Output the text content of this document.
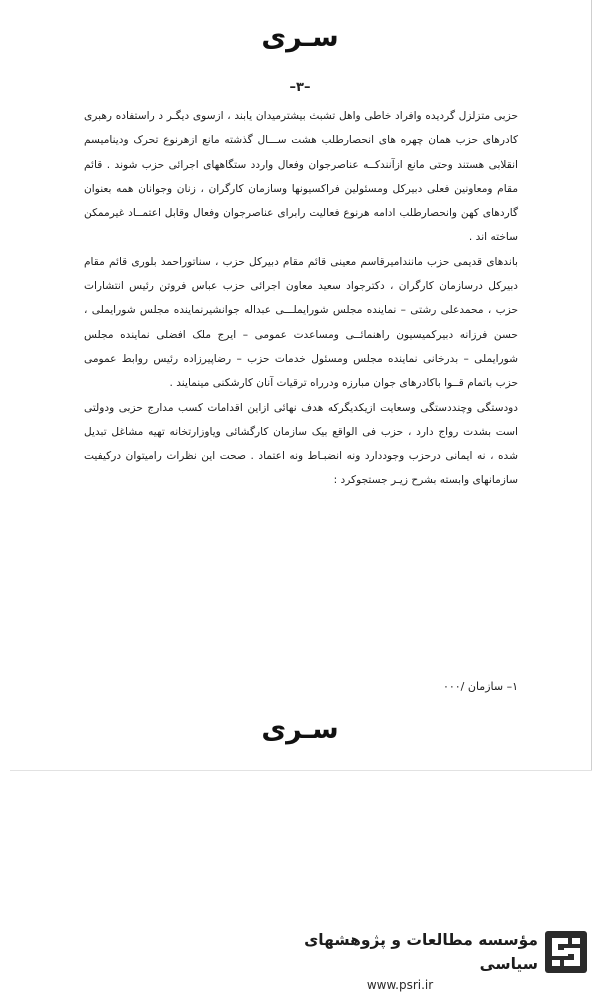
سـری
–۳–

حزبی متزلزل گردیده وافراد خاطی واهل تشبث بیشترمیدان یابند ، ازسوی دیگـر د راستفاده رهبری کادرهای حزب همان چهره های انحصارطلب هشت ســـال گذشته مانع ازهرنوع تحرک ودینامیسم انقلابی هستند وحتی مانع ازآنندکــه عناصرجوان وفعال واردد ستگاههای اجرائی حزب شوند . قائم مقام ومعاونین فعلی دبیرکل ومسئولین فراکسیونها وسازمان کارگران ، زنان وجوانان همه بعنوان گاردهای کهن وانحصارطلب ادامه هرنوع فعالیت رابرای عناصرجوان وفعال وقابل اعتمــاد غیرممکن ساخته اند .

باندهای قدیمی حزب مانندامیرقاسم معینی قائم مقام دبیرکل حزب ، سناتوراحمد بلوری قائم مقام دبیرکل درسازمان کارگران ، دکترجواد سعید معاون اجرائی حزب عباس فروتن رئیس انتشارات حزب ، محمدعلی رشتی – نماینده مجلس شورایملـــی عبداله جوانشیرنماینده مجلس شورایملی ، حسن فرزانه دبیرکمیسیون راهنمائــی ومساعدت عمومی – ایرج ملک افضلی نماینده مجلس شورایملی – بدرخانی نماینده مجلس ومسئول خدمات حزب – رضاپیرزاده رئیس روابط عمومی حزب باتمام قــوا باکادرهای جوان مبارزه ودرراه ترقیات آنان کارشکنی مینمایند .

دودستگی وچنددستگی وسعایت ازیکدیگرکه هدف نهائی ازاین اقدامات کسب مدارج حزبی ودولتی است بشدت رواج دارد ، حزب فی الواقع بیک سازمان کارگشائی ویاوزارتخانه تهیه مشاغل تبدیل شده ، نه ایمانی درحزب وجوددارد ونه انضبـاط ونه اعتماد . صحت این نظرات رامیتوان درکیفیت سازمانهای وابسته بشرح زیـر جستجوکرد :

۱– سازمان /۰۰۰
سـری
مؤسسه مطالعات و پژوهشهای سیاسی
www.psri.ir
